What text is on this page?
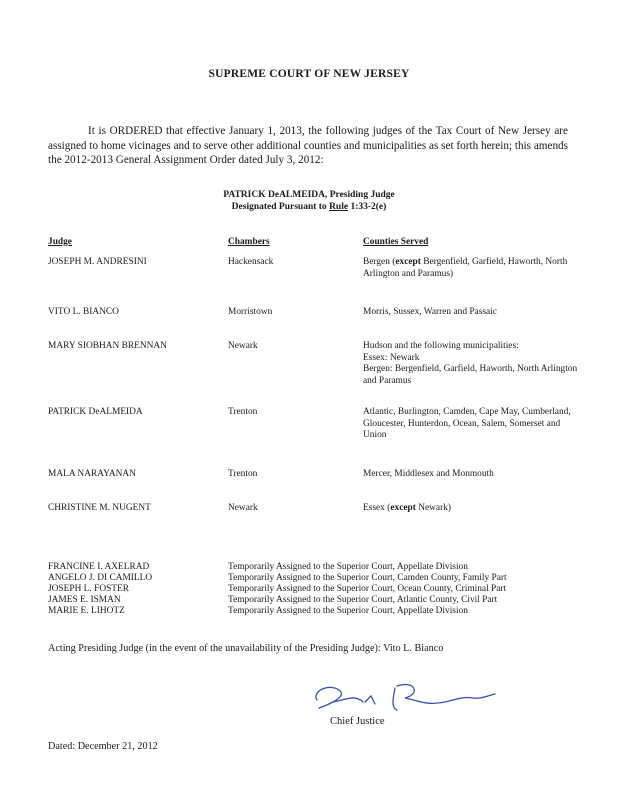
SUPREME COURT OF NEW JERSEY
It is ORDERED that effective January 1, 2013, the following judges of the Tax Court of New Jersey are assigned to home vicinages and to serve other additional counties and municipalities as set forth herein; this amends the 2012-2013 General Assignment Order dated July 3, 2012:
PATRICK DeALMEIDA, Presiding Judge
Designated Pursuant to Rule 1:33-2(e)
Judge	Chambers	Counties Served
JOSEPH M. ANDRESINI	Hackensack	Bergen (except Bergenfield, Garfield, Haworth, North Arlington and Paramus)
VITO L. BIANCO	Morristown	Morris, Sussex, Warren and Passaic
MARY SIOBHAN BRENNAN	Newark	Hudson and the following municipalities:
Essex: Newark
Bergen: Bergenfield, Garfield, Haworth, North Arlington and Paramus
PATRICK DeALMEIDA	Trenton	Atlantic, Burlington, Camden, Cape May, Cumberland, Gloucester, Hunterdon, Ocean, Salem, Somerset and Union
MALA NARAYANAN	Trenton	Mercer, Middlesex and Monmouth
CHRISTINE M. NUGENT	Newark	Essex (except Newark)
FRANCINE I. AXELRAD	Temporarily Assigned to the Superior Court, Appellate Division
ANGELO J. DI CAMILLO	Temporarily Assigned to the Superior Court, Camden County, Family Part
JOSEPH L. FOSTER	Temporarily Assigned to the Superior Court, Ocean County, Criminal Part
JAMES E. ISMAN	Temporarily Assigned to the Superior Court, Atlantic County, Civil Part
MARIE E. LIHOTZ	Temporarily Assigned to the Superior Court, Appellate Division
Acting Presiding Judge (in the event of the unavailability of the Presiding Judge): Vito L. Bianco
Chief Justice
Dated: December 21, 2012
